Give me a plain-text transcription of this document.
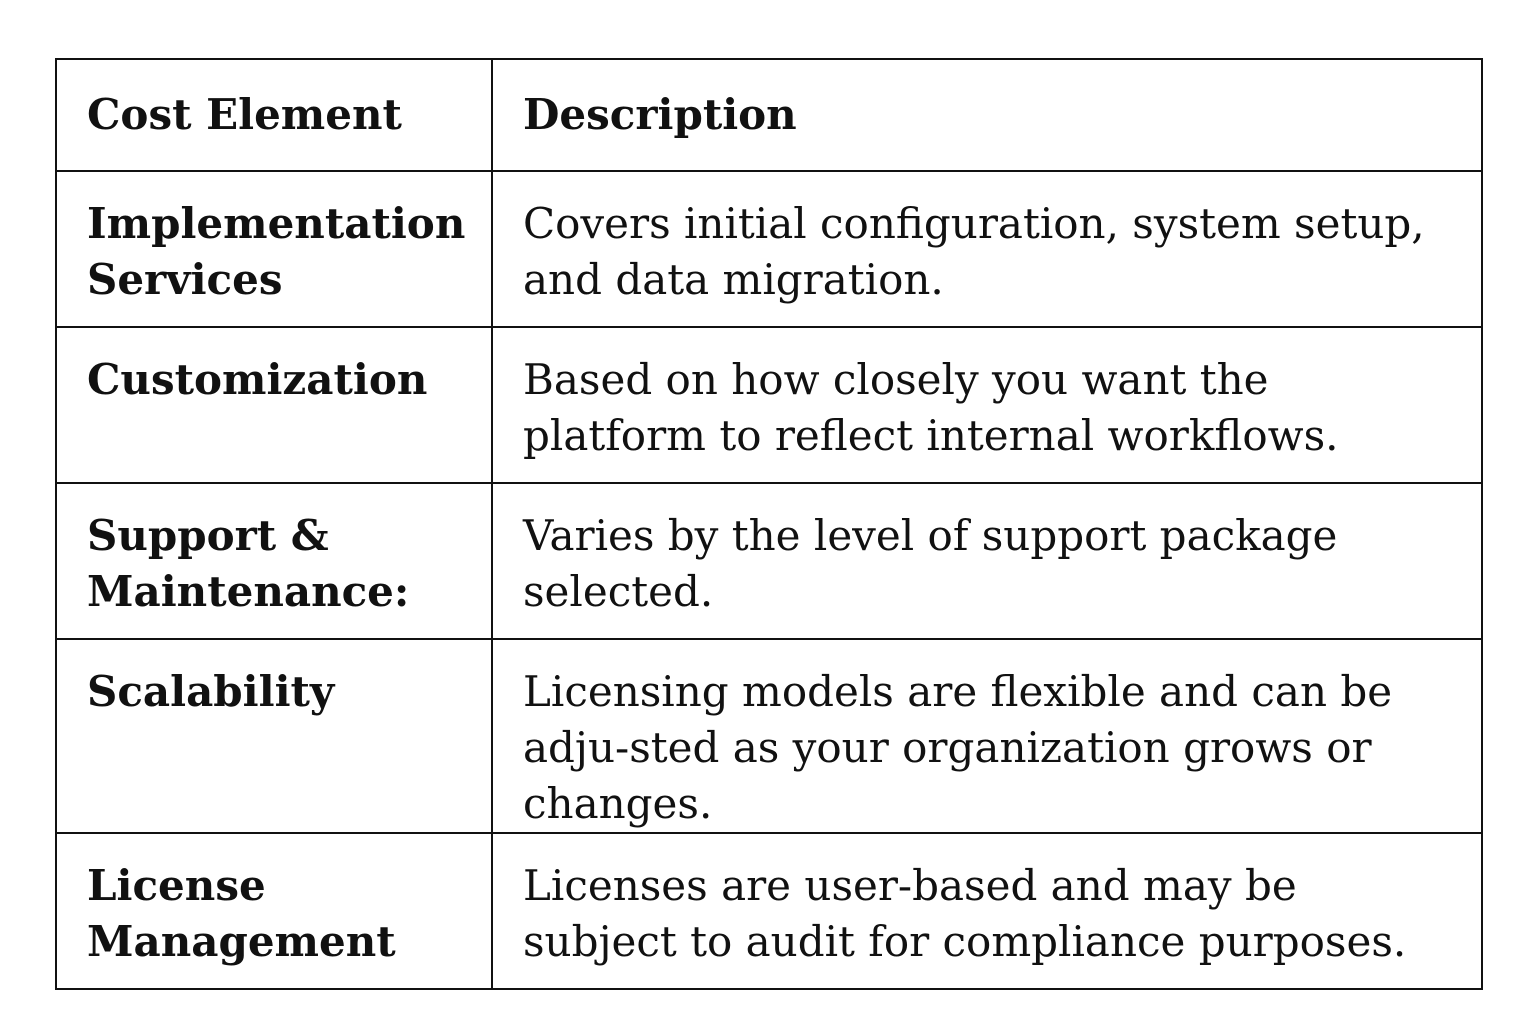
Cost Element	Description
Implementation Services	Covers initial configuration, system setup, and data migration.
Customization	Based on how closely you want the platform to reflect internal workflows.
Support & Maintenance:	Varies by the level of support package selected.
Scalability	Licensing models are flexible and can be adju-sted as your organization grows or changes.
License Management	Licenses are user-based and may be subject to audit for compliance purposes.
